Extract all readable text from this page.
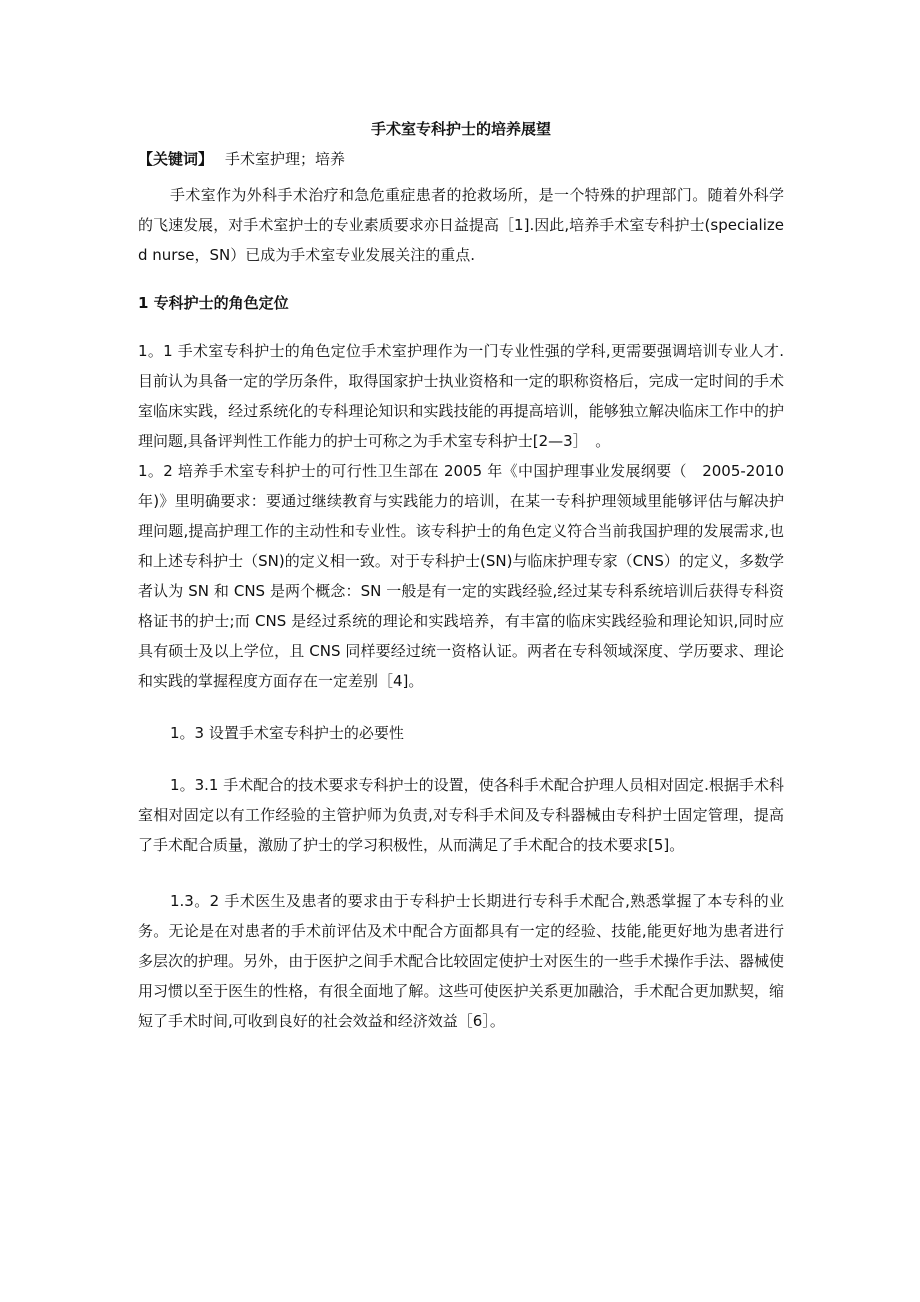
手术室专科护士的培养展望
【关键词】 手术室护理；培养

手术室作为外科手术治疗和急危重症患者的抢救场所，是一个特殊的护理部门。随着外科学的飞速发展，对手术室护士的专业素质要求亦日益提高［1].因此,培养手术室专科护士(specialized nurse，SN）已成为手术室专业发展关注的重点.

1 专科护士的角色定位

1。1 手术室专科护士的角色定位手术室护理作为一门专业性强的学科,更需要强调培训专业人才.目前认为具备一定的学历条件，取得国家护士执业资格和一定的职称资格后，完成一定时间的手术室临床实践，经过系统化的专科理论知识和实践技能的再提高培训，能够独立解决临床工作中的护理问题,具备评判性工作能力的护士可称之为手术室专科护士[2—3］　。

1。2 培养手术室专科护士的可行性卫生部在 2005 年《中国护理事业发展纲要（　2005-2010 年)》里明确要求：要通过继续教育与实践能力的培训，在某一专科护理领域里能够评估与解决护理问题,提高护理工作的主动性和专业性。该专科护士的角色定义符合当前我国护理的发展需求,也和上述专科护士（SN)的定义相一致。对于专科护士(SN)与临床护理专家（CNS）的定义，多数学者认为 SN 和 CNS 是两个概念：SN 一般是有一定的实践经验,经过某专科系统培训后获得专科资格证书的护士;而 CNS 是经过系统的理论和实践培养，有丰富的临床实践经验和理论知识,同时应具有硕士及以上学位，且 CNS 同样要经过统一资格认证。两者在专科领域深度、学历要求、理论和实践的掌握程度方面存在一定差别［4]。

1。3 设置手术室专科护士的必要性

1。3.1 手术配合的技术要求专科护士的设置，使各科手术配合护理人员相对固定.根据手术科室相对固定以有工作经验的主管护师为负责,对专科手术间及专科器械由专科护士固定管理，提高了手术配合质量，激励了护士的学习积极性，从而满足了手术配合的技术要求[5]。

1.3。2 手术医生及患者的要求由于专科护士长期进行专科手术配合,熟悉掌握了本专科的业务。无论是在对患者的手术前评估及术中配合方面都具有一定的经验、技能,能更好地为患者进行多层次的护理。另外，由于医护之间手术配合比较固定使护士对医生的一些手术操作手法、器械使用习惯以至于医生的性格，有很全面地了解。这些可使医护关系更加融洽，手术配合更加默契，缩短了手术时间,可收到良好的社会效益和经济效益［6］。
